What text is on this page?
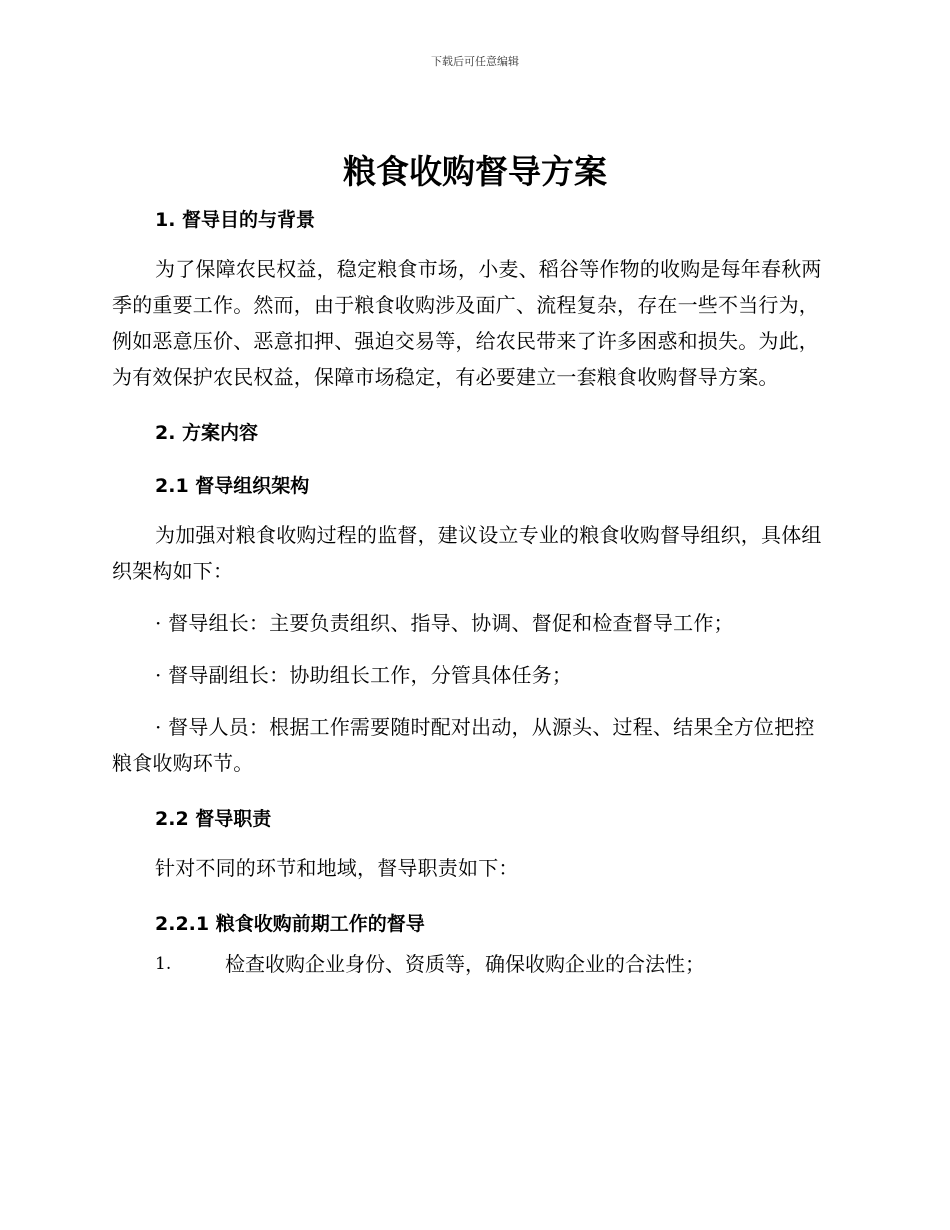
下载后可任意编辑
粮食收购督导方案
1. 督导目的与背景

为了保障农民权益，稳定粮食市场，小麦、稻谷等作物的收购是每年春秋两季的重要工作。然而，由于粮食收购涉及面广、流程复杂，存在一些不当行为，例如恶意压价、恶意扣押、强迫交易等，给农民带来了许多困惑和损失。为此，为有效保护农民权益，保障市场稳定，有必要建立一套粮食收购督导方案。

2. 方案内容
2.1 督导组织架构

为加强对粮食收购过程的监督，建议设立专业的粮食收购督导组织，具体组织架构如下：

· 督导组长：主要负责组织、指导、协调、督促和检查督导工作；

· 督导副组长：协助组长工作，分管具体任务；

· 督导人员：根据工作需要随时配对出动，从源头、过程、结果全方位把控粮食收购环节。

2.2 督导职责

针对不同的环节和地域，督导职责如下：

2.2.1 粮食收购前期工作的督导
1.	检查收购企业身份、资质等，确保收购企业的合法性；
